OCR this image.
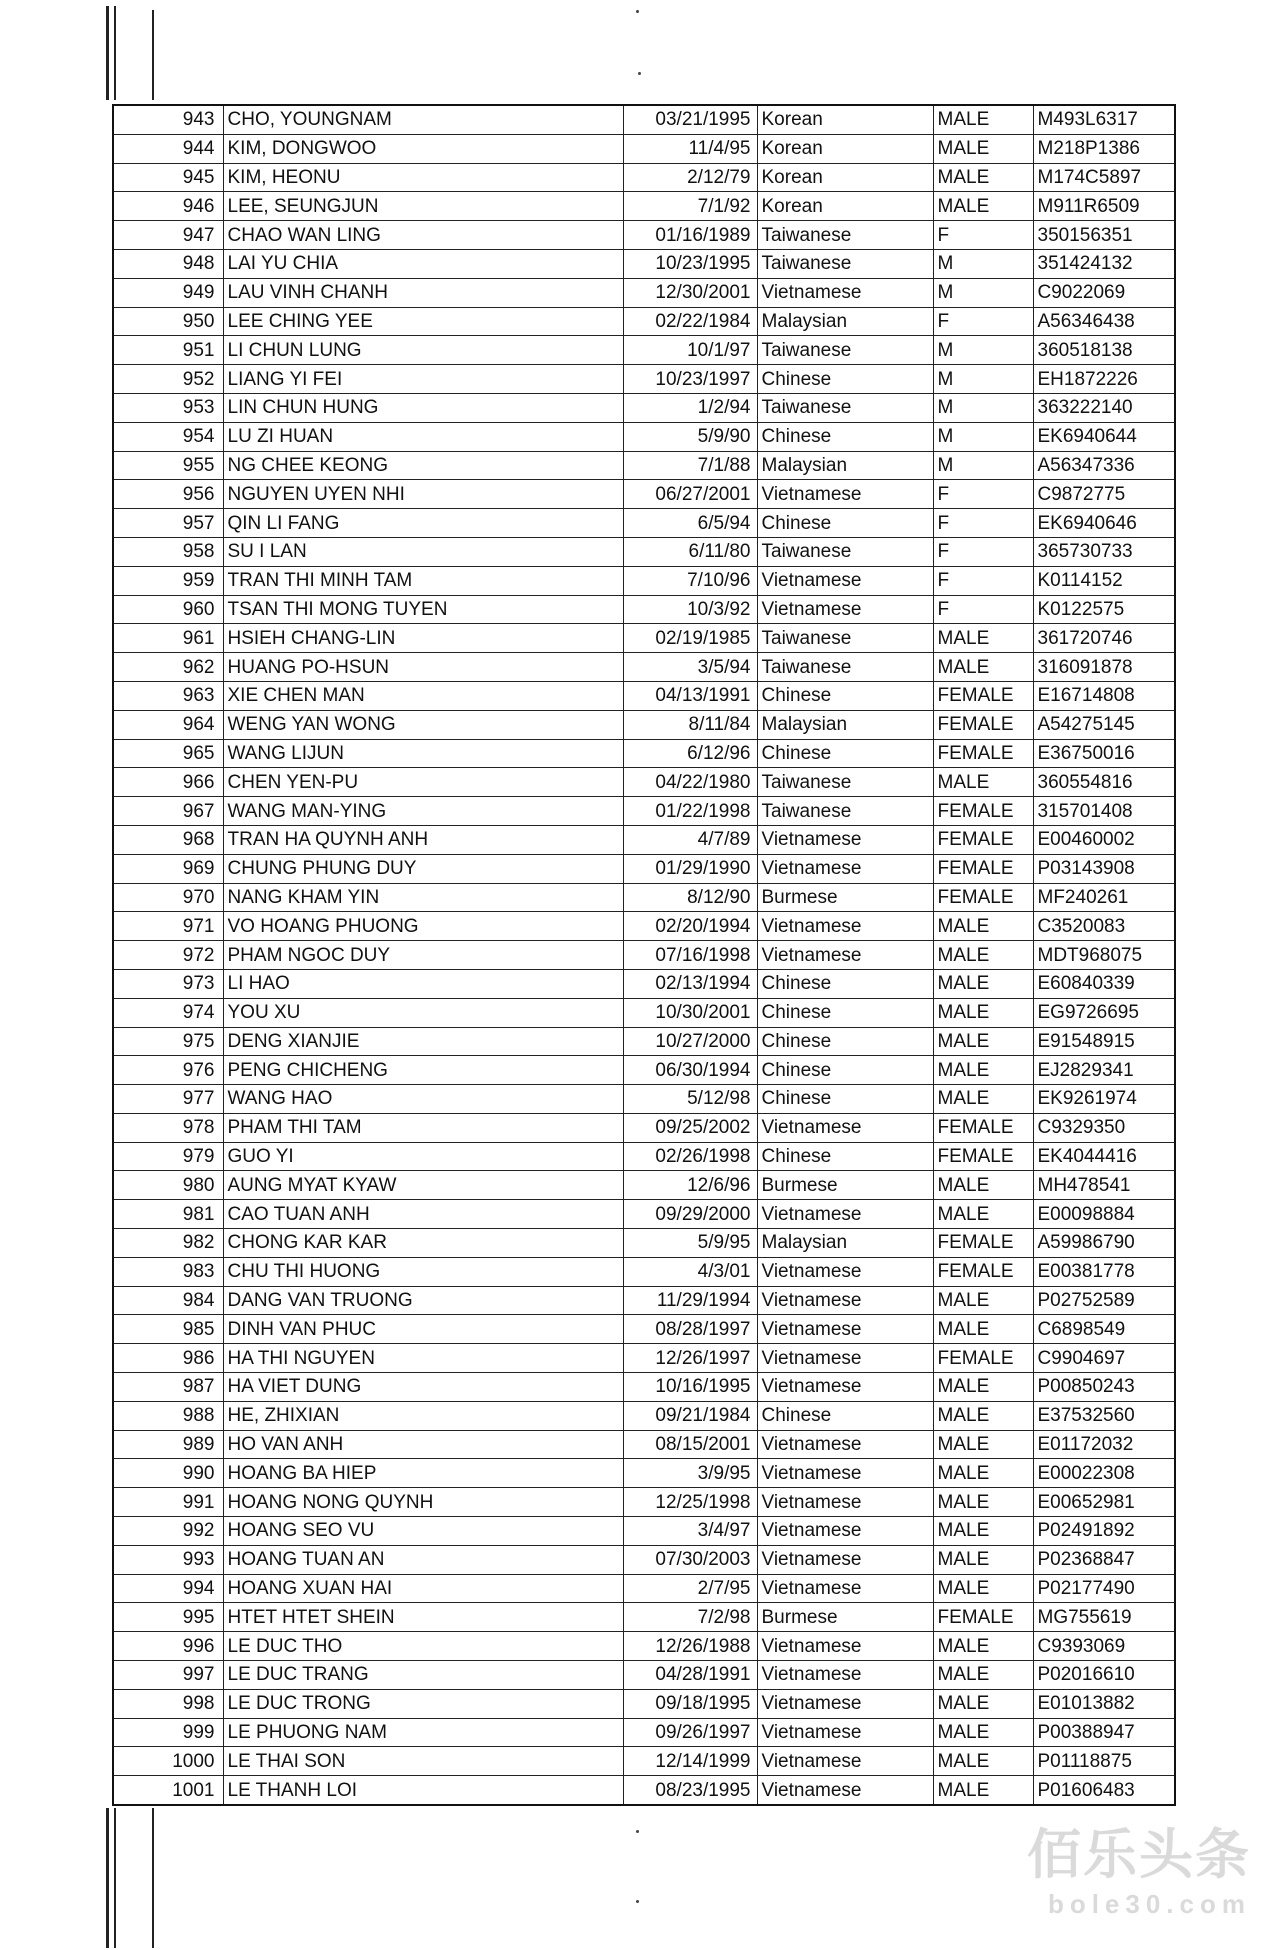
943	CHO, YOUNGNAM	03/21/1995	Korean	MALE	M493L6317
944	KIM, DONGWOO	11/4/95	Korean	MALE	M218P1386
945	KIM, HEONU	2/12/79	Korean	MALE	M174C5897
946	LEE, SEUNGJUN	7/1/92	Korean	MALE	M911R6509
947	CHAO WAN LING	01/16/1989	Taiwanese	F	350156351
948	LAI YU CHIA	10/23/1995	Taiwanese	M	351424132
949	LAU VINH CHANH	12/30/2001	Vietnamese	M	C9022069
950	LEE CHING YEE	02/22/1984	Malaysian	F	A56346438
951	LI CHUN LUNG	10/1/97	Taiwanese	M	360518138
952	LIANG YI FEI	10/23/1997	Chinese	M	EH1872226
953	LIN CHUN HUNG	1/2/94	Taiwanese	M	363222140
954	LU ZI HUAN	5/9/90	Chinese	M	EK6940644
955	NG CHEE KEONG	7/1/88	Malaysian	M	A56347336
956	NGUYEN UYEN NHI	06/27/2001	Vietnamese	F	C9872775
957	QIN LI FANG	6/5/94	Chinese	F	EK6940646
958	SU I LAN	6/11/80	Taiwanese	F	365730733
959	TRAN THI MINH TAM	7/10/96	Vietnamese	F	K0114152
960	TSAN THI MONG TUYEN	10/3/92	Vietnamese	F	K0122575
961	HSIEH CHANG-LIN	02/19/1985	Taiwanese	MALE	361720746
962	HUANG PO-HSUN	3/5/94	Taiwanese	MALE	316091878
963	XIE CHEN MAN	04/13/1991	Chinese	FEMALE	E16714808
964	WENG YAN WONG	8/11/84	Malaysian	FEMALE	A54275145
965	WANG LIJUN	6/12/96	Chinese	FEMALE	E36750016
966	CHEN YEN-PU	04/22/1980	Taiwanese	MALE	360554816
967	WANG MAN-YING	01/22/1998	Taiwanese	FEMALE	315701408
968	TRAN HA QUYNH ANH	4/7/89	Vietnamese	FEMALE	E00460002
969	CHUNG PHUNG DUY	01/29/1990	Vietnamese	FEMALE	P03143908
970	NANG KHAM YIN	8/12/90	Burmese	FEMALE	MF240261
971	VO HOANG PHUONG	02/20/1994	Vietnamese	MALE	C3520083
972	PHAM NGOC DUY	07/16/1998	Vietnamese	MALE	MDT968075
973	LI HAO	02/13/1994	Chinese	MALE	E60840339
974	YOU XU	10/30/2001	Chinese	MALE	EG9726695
975	DENG XIANJIE	10/27/2000	Chinese	MALE	E91548915
976	PENG CHICHENG	06/30/1994	Chinese	MALE	EJ2829341
977	WANG HAO	5/12/98	Chinese	MALE	EK9261974
978	PHAM THI TAM	09/25/2002	Vietnamese	FEMALE	C9329350
979	GUO YI	02/26/1998	Chinese	FEMALE	EK4044416
980	AUNG MYAT KYAW	12/6/96	Burmese	MALE	MH478541
981	CAO TUAN ANH	09/29/2000	Vietnamese	MALE	E00098884
982	CHONG KAR KAR	5/9/95	Malaysian	FEMALE	A59986790
983	CHU THI HUONG	4/3/01	Vietnamese	FEMALE	E00381778
984	DANG VAN TRUONG	11/29/1994	Vietnamese	MALE	P02752589
985	DINH VAN PHUC	08/28/1997	Vietnamese	MALE	C6898549
986	HA THI NGUYEN	12/26/1997	Vietnamese	FEMALE	C9904697
987	HA VIET DUNG	10/16/1995	Vietnamese	MALE	P00850243
988	HE, ZHIXIAN	09/21/1984	Chinese	MALE	E37532560
989	HO VAN ANH	08/15/2001	Vietnamese	MALE	E01172032
990	HOANG BA HIEP	3/9/95	Vietnamese	MALE	E00022308
991	HOANG NONG QUYNH	12/25/1998	Vietnamese	MALE	E00652981
992	HOANG SEO VU	3/4/97	Vietnamese	MALE	P02491892
993	HOANG TUAN AN	07/30/2003	Vietnamese	MALE	P02368847
994	HOANG XUAN HAI	2/7/95	Vietnamese	MALE	P02177490
995	HTET HTET SHEIN	7/2/98	Burmese	FEMALE	MG755619
996	LE DUC THO	12/26/1988	Vietnamese	MALE	C9393069
997	LE DUC TRANG	04/28/1991	Vietnamese	MALE	P02016610
998	LE DUC TRONG	09/18/1995	Vietnamese	MALE	E01013882
999	LE PHUONG NAM	09/26/1997	Vietnamese	MALE	P00388947
1000	LE THAI SON	12/14/1999	Vietnamese	MALE	P01118875
1001	LE THANH LOI	08/23/1995	Vietnamese	MALE	P01606483
佰乐头条
bole30.com
